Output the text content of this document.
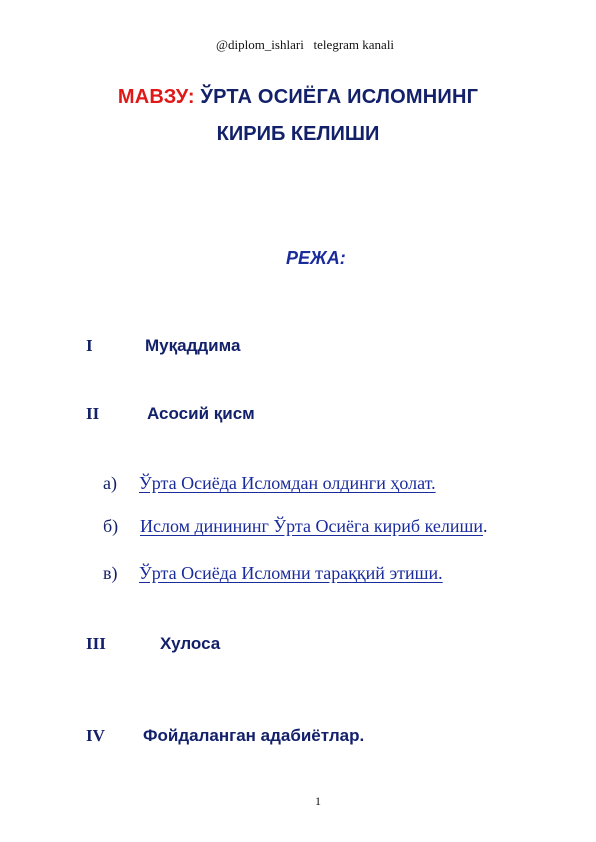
@diplom_ishlari   telegram kanali
МАВЗУ: ЎРТА ОСИЁГА ИСЛОМНИНГ
КИРИБ КЕЛИШИ
РЕЖА:
I	Муқаддима
II	Асосий қисм
а) Ўрта Осиёда Исломдан олдинги ҳолат.
б) Ислом динининг Ўрта Осиёга кириб келиши.
в) Ўрта Осиёда Исломни тараққий этиши.
III	Хулоса
IV Фойдаланган адабиётлар.
1
